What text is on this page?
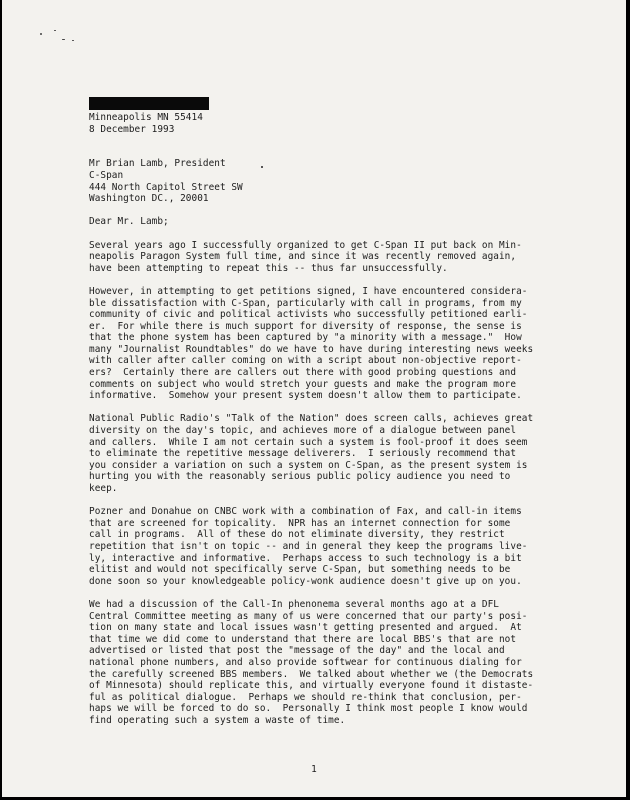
Minneapolis MN 55414
8 December 1993
Mr Brian Lamb, President
C-Span
444 North Capitol Street SW
Washington DC., 20001
Dear Mr. Lamb;
Several years ago I successfully organized to get C-Span II put back on Min-
neapolis Paragon System full time, and since it was recently removed again,
have been attempting to repeat this -- thus far unsuccessfully.
However, in attempting to get petitions signed, I have encountered considera-
ble dissatisfaction with C-Span, particularly with call in programs, from my
community of civic and political activists who successfully petitioned earli-
er.  For while there is much support for diversity of response, the sense is
that the phone system has been captured by "a minority with a message."  How
many "Journalist Roundtables" do we have to have during interesting news weeks
with caller after caller coming on with a script about non-objective report-
ers?  Certainly there are callers out there with good probing questions and
comments on subject who would stretch your guests and make the program more
informative.  Somehow your present system doesn't allow them to participate.
National Public Radio's "Talk of the Nation" does screen calls, achieves great
diversity on the day's topic, and achieves more of a dialogue between panel
and callers.  While I am not certain such a system is fool-proof it does seem
to eliminate the repetitive message deliverers.  I seriously recommend that
you consider a variation on such a system on C-Span, as the present system is
hurting you with the reasonably serious public policy audience you need to
keep.
Pozner and Donahue on CNBC work with a combination of Fax, and call-in items
that are screened for topicality.  NPR has an internet connection for some
call in programs.  All of these do not eliminate diversity, they restrict
repetition that isn't on topic -- and in general they keep the programs live-
ly, interactive and informative.  Perhaps access to such technology is a bit
elitist and would not specifically serve C-Span, but something needs to be
done soon so your knowledgeable policy-wonk audience doesn't give up on you.
We had a discussion of the Call-In phenonema several months ago at a DFL
Central Committee meeting as many of us were concerned that our party's posi-
tion on many state and local issues wasn't getting presented and argued.  At
that time we did come to understand that there are local BBS's that are not
advertised or listed that post the "message of the day" and the local and
national phone numbers, and also provide softwear for continuous dialing for
the carefully screened BBS members.  We talked about whether we (the Democrats
of Minnesota) should replicate this, and virtually everyone found it distaste-
ful as political dialogue.  Perhaps we should re-think that conclusion, per-
haps we will be forced to do so.  Personally I think most people I know would
find operating such a system a waste of time.
1
